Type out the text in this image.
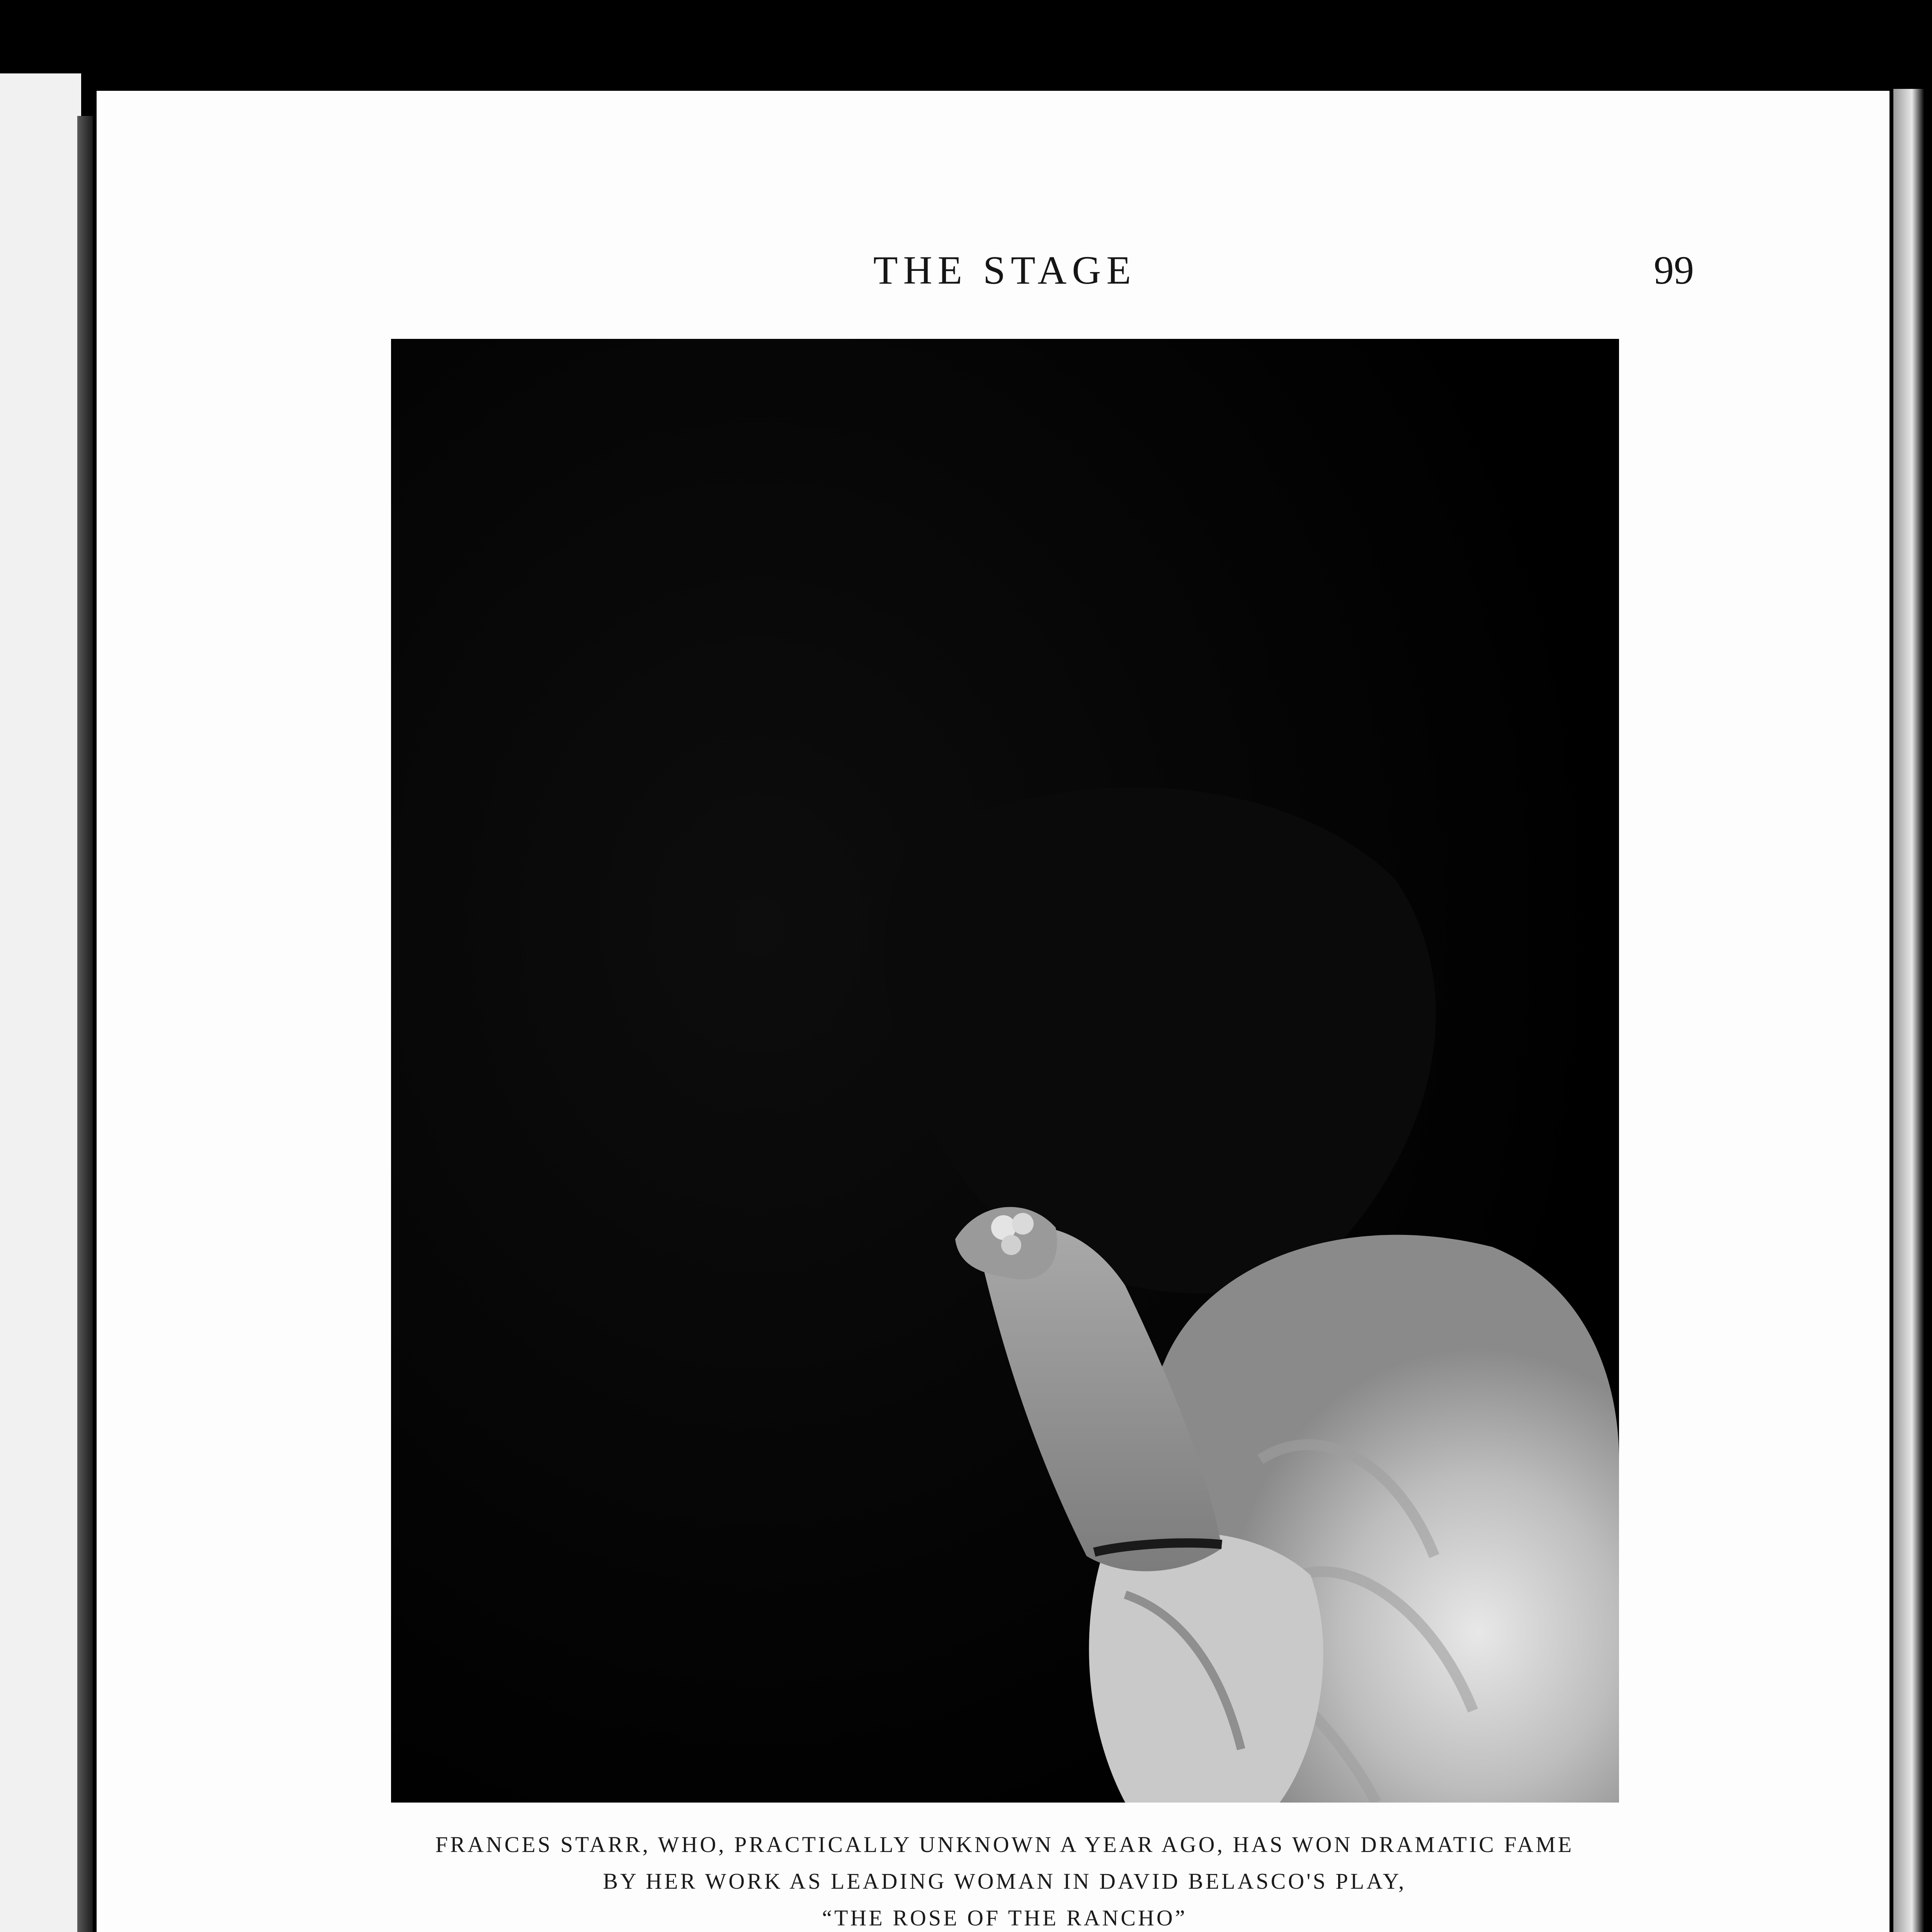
THE STAGE	99
FRANCES STARR, WHO, PRACTICALLY UNKNOWN A YEAR AGO, HAS WON DRAMATIC FAME
BY HER WORK AS LEADING WOMAN IN DAVID BELASCO'S PLAY,
“THE ROSE OF THE RANCHO”
